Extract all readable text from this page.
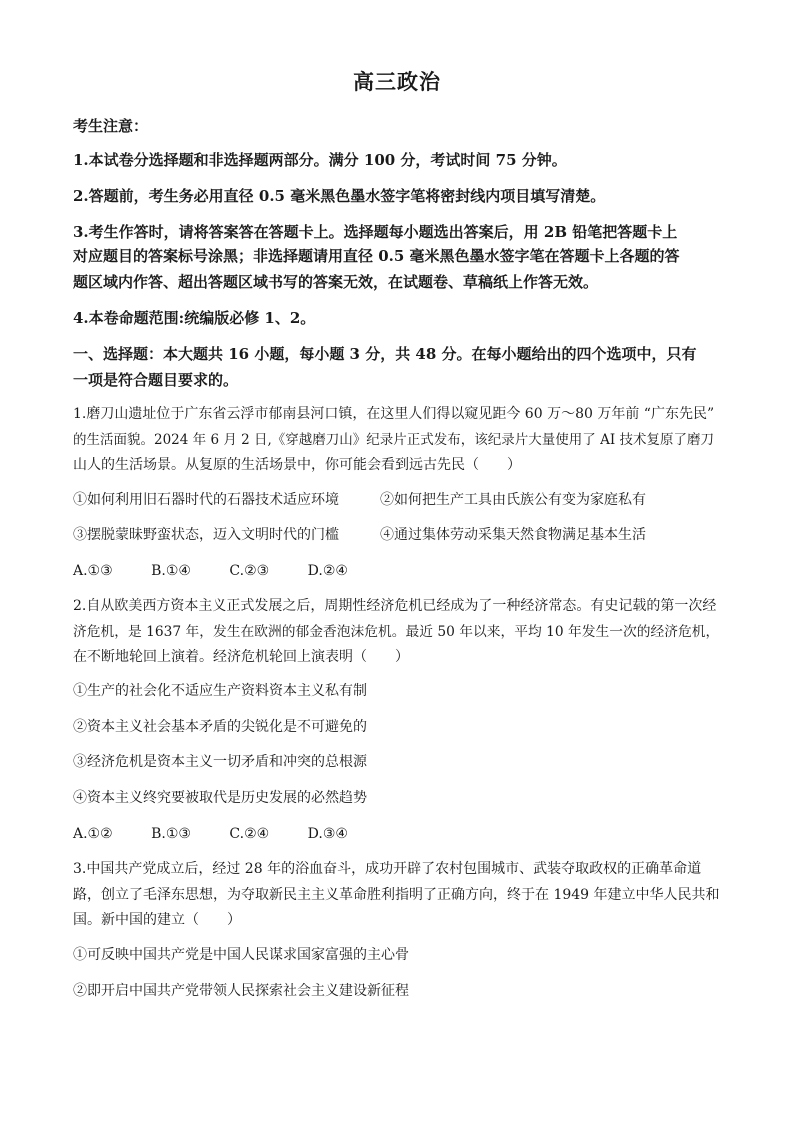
高三政治
考生注意：
1.本试卷分选择题和非选择题两部分。满分 100 分，考试时间 75 分钟。
2.答题前，考生务必用直径 0.5 毫米黑色墨水签字笔将密封线内项目填写清楚。
3.考生作答时，请将答案答在答题卡上。选择题每小题选出答案后，用 2B 铅笔把答题卡上
对应题目的答案标号涂黑；非选择题请用直径 0.5 毫米黑色墨水签字笔在答题卡上各题的答
题区域内作答、超出答题区域书写的答案无效，在试题卷、草稿纸上作答无效。
4.本卷命题范围:统编版必修 1、2。
一、选择题：本大题共 16 小题，每小题 3 分，共 48 分。在每小题给出的四个选项中，只有
一项是符合题目要求的。
1.磨刀山遗址位于广东省云浮市郁南县河口镇，在这里人们得以窥见距今 60 万～80 万年前 “广东先民”
的生活面貌。2024 年 6 月 2 日,《穿越磨刀山》纪录片正式发布，该纪录片大量使用了 AI 技术复原了磨刀
山人的生活场景。从复原的生活场景中，你可能会看到远古先民（　　）
①如何利用旧石器时代的石器技术适应环境	②如何把生产工具由氏族公有变为家庭私有
③摆脱蒙昧野蛮状态，迈入文明时代的门槛	④通过集体劳动采集天然食物满足基本生活
A.①③	B.①④	C.②③	D.②④
2.自从欧美西方资本主义正式发展之后，周期性经济危机已经成为了一种经济常态。有史记载的第一次经
济危机，是 1637 年，发生在欧洲的郁金香泡沫危机。最近 50 年以来，平均 10 年发生一次的经济危机，
在不断地轮回上演着。经济危机轮回上演表明（　　）
①生产的社会化不适应生产资料资本主义私有制
②资本主义社会基本矛盾的尖锐化是不可避免的
③经济危机是资本主义一切矛盾和冲突的总根源
④资本主义终究要被取代是历史发展的必然趋势
A.①②	B.①③	C.②④	D.③④
3.中国共产党成立后，经过 28 年的浴血奋斗，成功开辟了农村包围城市、武装夺取政权的正确革命道
路，创立了毛泽东思想，为夺取新民主主义革命胜利指明了正确方向，终于在 1949 年建立中华人民共和
国。新中国的建立（　　）
①可反映中国共产党是中国人民谋求国家富强的主心骨
②即开启中国共产党带领人民探索社会主义建设新征程
